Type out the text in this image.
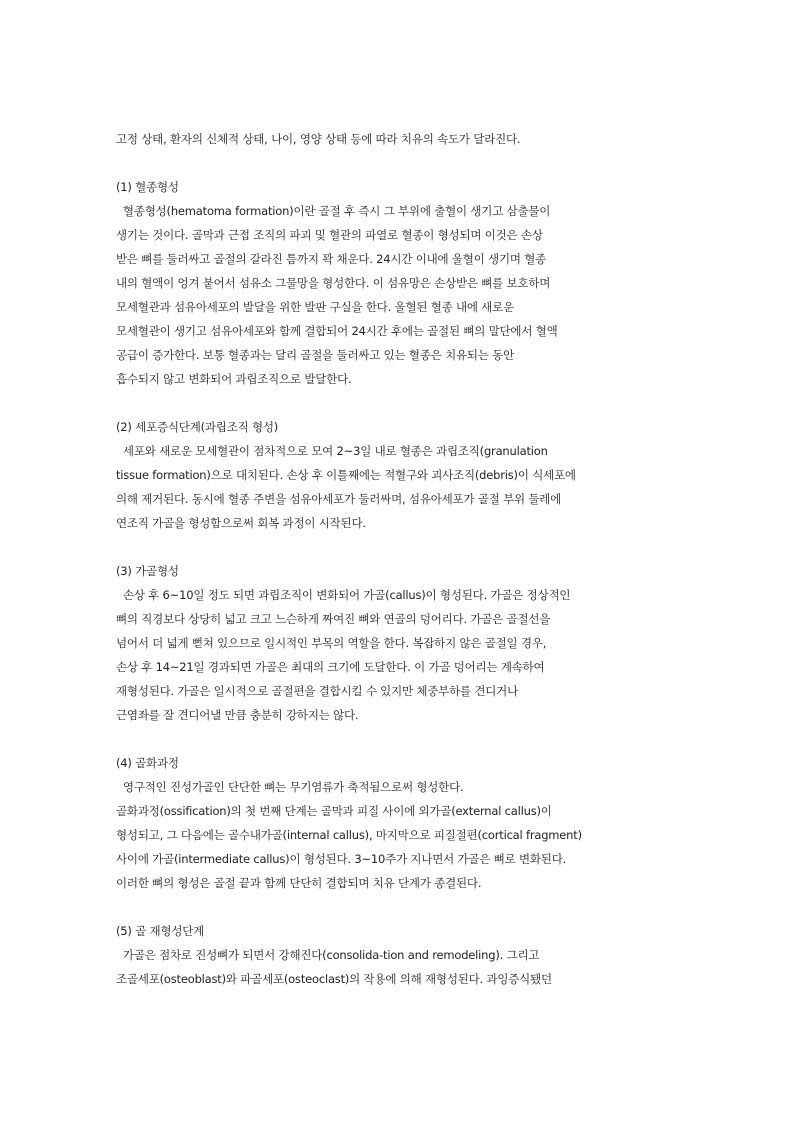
고정 상태, 환자의 신체적 상태, 나이, 영양 상태 등에 따라 치유의 속도가 달라진다.
(1) 혈종형성
혈종형성(hematoma formation)이란 골절 후 즉시 그 부위에 출혈이 생기고 삼출물이
생기는 것이다. 골막과 근접 조직의 파괴 및 혈관의 파열로 혈종이 형성되며 이것은 손상
받은 뼈를 둘러싸고 골절의 갈라진 틈까지 꽉 채운다. 24시간 이내에 울혈이 생기며 혈종
내의 혈액이 엉겨 붙어서 섬유소 그물망을 형성한다. 이 섬유망은 손상받은 뼈를 보호하며
모세혈관과 섬유아세포의 발달을 위한 발판 구실을 한다. 울혈된 혈종 내에 새로운
모세혈관이 생기고 섬유아세포와 함께 결합되어 24시간 후에는 골절된 뼈의 말단에서 혈액
공급이 증가한다. 보통 혈종과는 달리 골절을 둘러싸고 있는 혈종은 치유되는 동안
흡수되지 않고 변화되어 과립조직으로 발달한다.
(2) 세포증식단계(과립조직 형성)
세포와 새로운 모세혈관이 점차적으로 모여 2~3일 내로 혈종은 과립조직(granulation
tissue formation)으로 대치된다. 손상 후 이틀째에는 적혈구와 괴사조직(debris)이 식세포에
의해 제거된다. 동시에 혈종 주변을 섬유아세포가 둘러싸며, 섬유아세포가 골절 부위 둘레에
연조직 가골을 형성함으로써 회복 과정이 시작된다.
(3) 가골형성
손상 후 6~10일 정도 되면 과립조직이 변화되어 가골(callus)이 형성된다. 가골은 정상적인
뼈의 직경보다 상당히 넓고 크고 느슨하게 짜여진 뼈와 연골의 덩어리다. 가골은 골절선을
넘어서 더 넓게 뻗쳐 있으므로 일시적인 부목의 역할을 한다. 복잡하지 않은 골절일 경우,
손상 후 14~21일 경과되면 가골은 최대의 크기에 도달한다. 이 가골 덩어리는 계속하여
재형성된다. 가골은 일시적으로 골절편을 결합시킬 수 있지만 체중부하를 견디거나
근염좌를 잘 견디어낼 만큼 충분히 강하지는 않다.
(4) 골화과정
영구적인 진성가골인 단단한 뼈는 무기염류가 축적됨으로써 형성한다.
골화과정(ossification)의 첫 번째 단계는 골막과 피질 사이에 외가골(external callus)이
형성되고, 그 다음에는 골수내가골(internal callus), 마지막으로 피질절편(cortical fragment)
사이에 가골(intermediate callus)이 형성된다. 3~10주가 지나면서 가골은 뼈로 변화된다.
이러한 뼈의 형성은 골절 끝과 함께 단단히 결합되며 치유 단계가 종결된다.
(5) 골 재형성단계
가골은 점차로 진성뼈가 되면서 강해진다(consolida-tion and remodeling). 그리고
조골세포(osteoblast)와 파골세포(osteoclast)의 작용에 의해 재형성된다. 과잉증식됐던
